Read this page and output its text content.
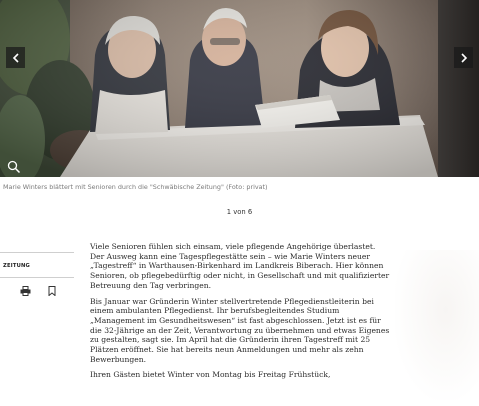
Marie Winters blättert mit Senioren durch die "Schwäbische Zeitung" (Foto: privat)
1 von 6
ZEITUNG

Viele Senioren fühlen sich einsam, viele pflegende Angehörige überlastet. Der Ausweg kann eine Tagespflegestätte sein – wie Marie Winters neuer „Tagestreff“ in Warthausen-Birkenhard im Landkreis Biberach. Hier können Senioren, ob pflegebedürftig oder nicht, in Gesellschaft und mit qualifizierter Betreuung den Tag verbringen.

Bis Januar war Gründerin Winter stellvertretende Pflegedienstleiterin bei einem ambulanten Pflegedienst. Ihr berufsbegleitendes Studium „Management im Gesundheitswesen“ ist fast abgeschlossen. Jetzt ist es für die 32-Jährige an der Zeit, Verantwortung zu übernehmen und etwas Eigenes zu gestalten, sagt sie. Im April hat die Gründerin ihren Tagestreff mit 25 Plätzen eröffnet. Sie hat bereits neun Anmeldungen und mehr als zehn Bewerbungen.

Ihren Gästen bietet Winter von Montag bis Freitag Frühstück,
